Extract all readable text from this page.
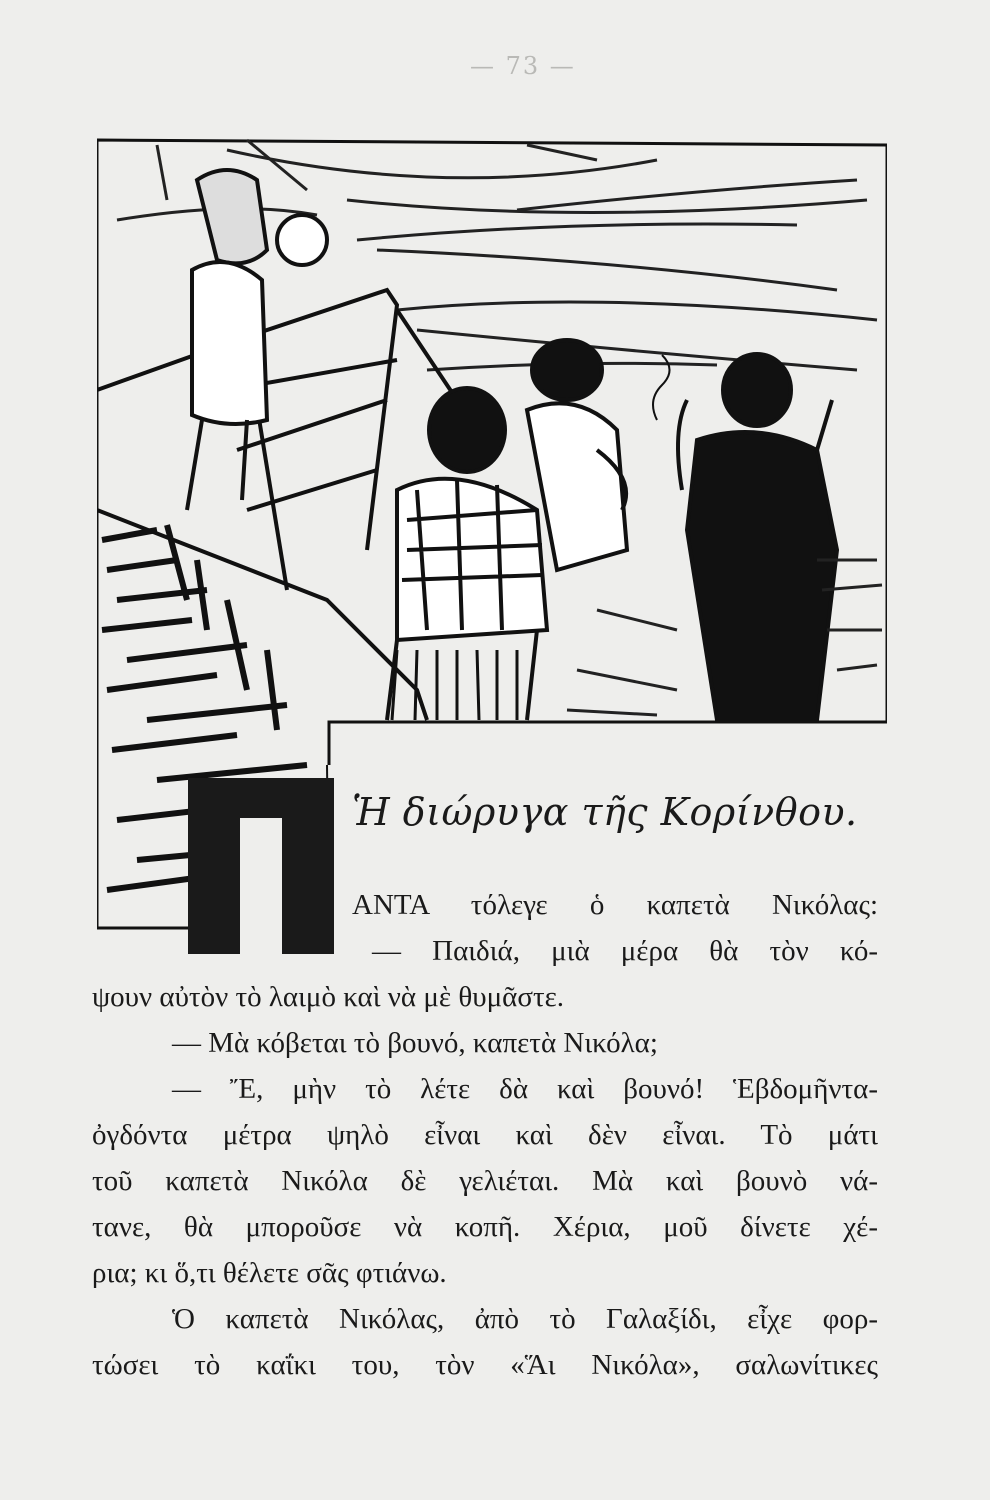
— 73 —
Ἡ διώρυγα τῆς Κορίνθου.
ΑΝΤΑ τόλεγε ὁ καπετὰ Νικόλας:
— Παιδιά, μιὰ μέρα θὰ τὸν κό-
ψουν αὐτὸν τὸ λαιμὸ καὶ νὰ μὲ θυμᾶστε.
— Μὰ κόβεται τὸ βουνό, καπετὰ Νικόλα;
— Ἔ, μὴν τὸ λέτε δὰ καὶ βουνό! Ἑβδομῆντα-
ὀγδόντα μέτρα ψηλὸ εἶναι καὶ δὲν εἶναι. Τὸ μάτι
τοῦ καπετὰ Νικόλα δὲ γελιέται. Μὰ καὶ βουνὸ νά-
τανε, θὰ μποροῦσε νὰ κοπῆ. Χέρια, μοῦ δίνετε χέ-
ρια; κι ὅ,τι θέλετε σᾶς φτιάνω.
Ὁ καπετὰ Νικόλας, ἀπὸ τὸ Γαλαξίδι, εἶχε φορ-
τώσει τὸ καΐκι του, τὸν «Ἅι Νικόλα», σαλωνίτικες
